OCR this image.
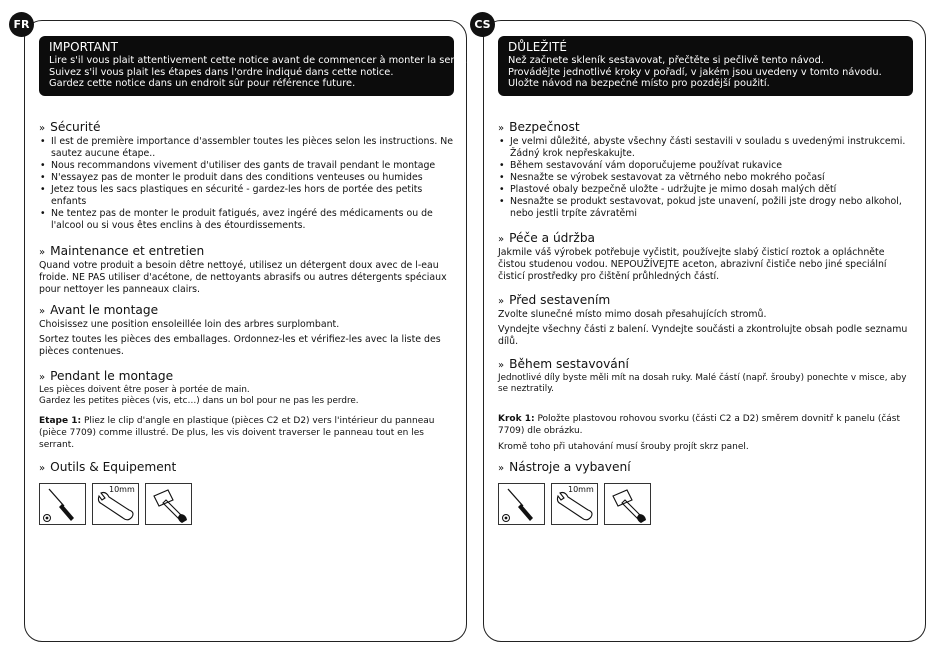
IMPORTANT
Lire s'il vous plait attentivement cette notice avant de commencer à monter la serre.
Suivez s'il vous plait les étapes dans l'ordre indiqué dans cette notice.
Gardez cette notice dans un endroit sûr pour référence future.
» Sécurité
• Il est de première importance d'assembler toutes les pièces selon les instructions. Ne sautez aucune étape..
• Nous recommandons vivement d'utiliser des gants de travail pendant le montage
• N'essayez pas de monter le produit dans des conditions venteuses ou humides
• Jetez tous les sacs plastiques en sécurité - gardez-les hors de portée des petits enfants
• Ne tentez pas de monter le produit fatigués, avez ingéré des médicaments ou de l'alcool ou si vous êtes enclins à des étourdissements.
» Maintenance et entretien

Quand votre produit a besoin dêtre nettoyé, utilisez un détergent doux avec de l-eau froide. NE PAS utiliser d'acétone, de nettoyants abrasifs ou autres détergents spéciaux pour nettoyer les panneaux clairs.

» Avant le montage

Choisissez une position ensoleillée loin des arbres surplombant.

Sortez toutes les pièces des emballages. Ordonnez-les et vérifiez-les avec la liste des pièces contenues.

» Pendant le montage

Les pièces doivent être poser à portée de main.

Gardez les petites pièces (vis, etc…) dans un bol pour ne pas les perdre.

Etape 1: Pliez le clip d'angle en plastique (pièces C2 et D2) vers l'intérieur du panneau (pièce 7709) comme illustré. De plus, les vis doivent traverser le panneau tout en les serrant.

» Outils & Equipement
10mm
FR
DŮLEŽITÉ
Než začnete skleník sestavovat, přečtěte si pečlivě tento návod.
Provádějte jednotlivé kroky v pořadí, v jakém jsou uvedeny v tomto návodu.
Uložte návod na bezpečné místo pro pozdější použití.
» Bezpečnost
• Je velmi důležité, abyste všechny části sestavili v souladu s uvedenými instrukcemi. Žádný krok nepřeskakujte.
• Během sestavování vám doporučujeme používat rukavice
• Nesnažte se výrobek sestavovat za větrného nebo mokrého počasí
• Plastové obaly bezpečně uložte - udržujte je mimo dosah malých dětí
• Nesnažte se produkt sestavovat, pokud jste unavení, požili jste drogy nebo alkohol, nebo jestli trpíte závratěmi
» Péče a údržba

Jakmile váš výrobek potřebuje vyčistit, používejte slabý čisticí roztok a opláchněte čistou studenou vodou. NEPOUŽÍVEJTE aceton, abrazivní čističe nebo jiné speciální čisticí prostředky pro čištění průhledných částí.

» Před sestavením

Zvolte slunečné místo mimo dosah přesahujících stromů.

Vyndejte všechny části z balení. Vyndejte součásti a zkontrolujte obsah podle seznamu dílů.

» Během sestavování

Jednotlivé díly byste měli mít na dosah ruky. Malé částí (např. šrouby) ponechte v misce, aby se neztratily.

Krok 1: Položte plastovou rohovou svorku (části C2 a D2) směrem dovnitř k panelu (část 7709) dle obrázku.

Kromě toho při utahování musí šrouby projít skrz panel.

» Nástroje a vybavení
10mm
CS
